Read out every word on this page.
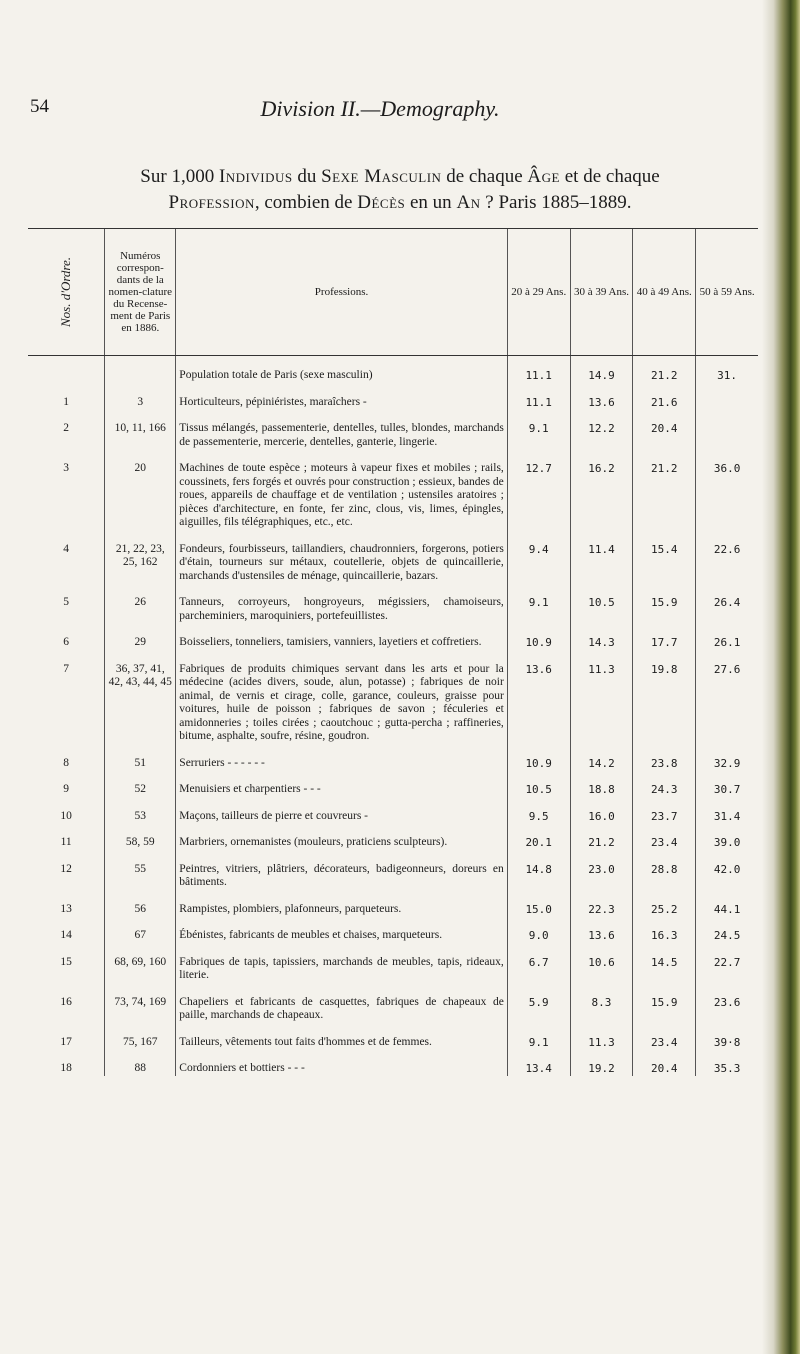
54	Division II.—Demography.
Sur 1,000 Individus du Sexe Masculin de chaque Âge et de chaque
Profession, combien de Décès en un An ? Paris 1885–1889.
Nos. d'Ordre.	Numéros correspon-dants de la nomen-clature du Recense-ment de Paris en 1886.	Professions.	20 à 29 Ans.	30 à 39 Ans.	40 à 49 Ans.	50 à 59 Ans.

		Population totale de Paris (sexe masculin)	11.1	14.9	21.2	31.

1	3	Horticulteurs, pépiniéristes, maraîchers -	11.1	13.6	21.6	

2	10, 11, 166	Tissus mélangés, passementerie, dentelles, tulles, blondes, marchands de passementerie, mercerie, dentelles, ganterie, lingerie.	9.1	12.2	20.4	

3	20	Machines de toute espèce ; moteurs à vapeur fixes et mobiles ; rails, coussinets, fers forgés et ouvrés pour construction ; essieux, bandes de roues, appareils de chauffage et de ventilation ; ustensiles aratoires ; pièces d'architecture, en fonte, fer zinc, clous, vis, limes, épingles, aiguilles, fils télégraphiques, etc., etc.	12.7	16.2	21.2	36.0

4	21, 22, 23, 25, 162	Fondeurs, fourbisseurs, taillandiers, chaudronniers, forgerons, potiers d'étain, tourneurs sur métaux, coutellerie, objets de quincaillerie, marchands d'ustensiles de ménage, quincaillerie, bazars.	9.4	11.4	15.4	22.6

5	26	Tanneurs, corroyeurs, hongroyeurs, mégissiers, chamoiseurs, parcheminiers, maroquiniers, portefeuillistes.	9.1	10.5	15.9	26.4

6	29	Boisseliers, tonneliers, tamisiers, vanniers, layetiers et coffretiers.	10.9	14.3	17.7	26.1

7	36, 37, 41, 42, 43, 44, 45	Fabriques de produits chimiques servant dans les arts et pour la médecine (acides divers, soude, alun, potasse) ; fabriques de noir animal, de vernis et cirage, colle, garance, couleurs, graisse pour voitures, huile de poisson ; fabriques de savon ; féculeries et amidonneries ; toiles cirées ; caoutchouc ; gutta-percha ; raffineries, bitume, asphalte, soufre, résine, goudron.	13.6	11.3	19.8	27.6

8	51	Serruriers - - - - - -	10.9	14.2	23.8	32.9

9	52	Menuisiers et charpentiers - - -	10.5	18.8	24.3	30.7

10	53	Maçons, tailleurs de pierre et couvreurs -	9.5	16.0	23.7	31.4

11	58, 59	Marbriers, ornemanistes (mouleurs, praticiens sculpteurs).	20.1	21.2	23.4	39.0

12	55	Peintres, vitriers, plâtriers, décorateurs, badigeonneurs, doreurs en bâtiments.	14.8	23.0	28.8	42.0

13	56	Rampistes, plombiers, plafonneurs, parqueteurs.	15.0	22.3	25.2	44.1

14	67	Ébénistes, fabricants de meubles et chaises, marqueteurs.	9.0	13.6	16.3	24.5

15	68, 69, 160	Fabriques de tapis, tapissiers, marchands de meubles, tapis, rideaux, literie.	6.7	10.6	14.5	22.7

16	73, 74, 169	Chapeliers et fabricants de casquettes, fabriques de chapeaux de paille, marchands de chapeaux.	5.9	8.3	15.9	23.6

17	75, 167	Tailleurs, vêtements tout faits d'hommes et de femmes.	9.1	11.3	23.4	39·8

18	88	Cordonniers et bottiers - - -	13.4	19.2	20.4	35.3
